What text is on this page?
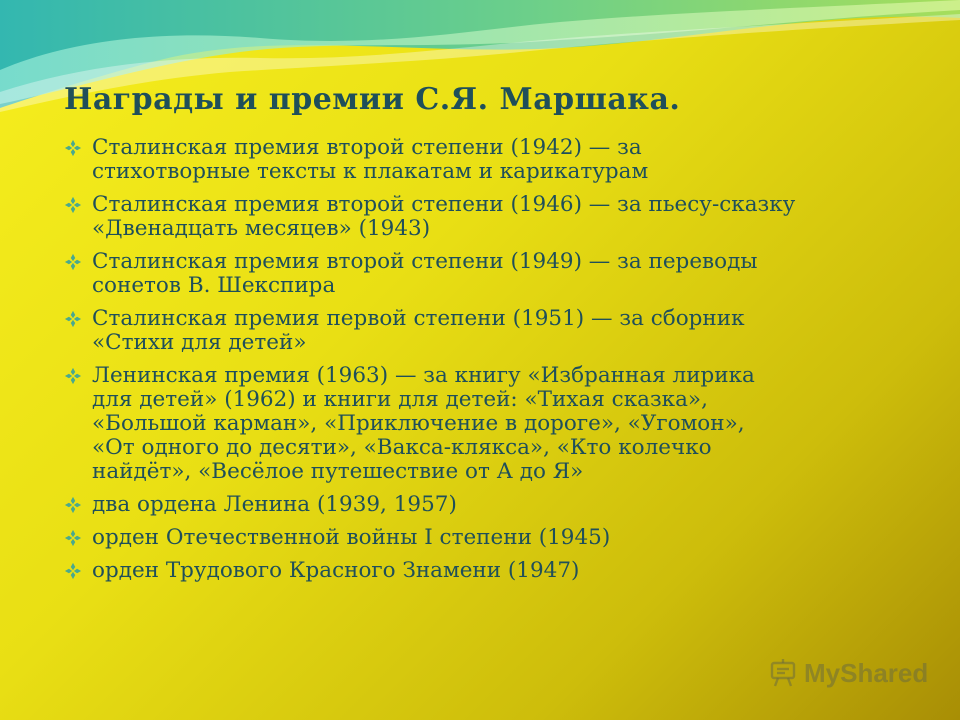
Награды и премии С.Я. Маршака.
Сталинская премия второй степени (1942) — за
стихотворные тексты к плакатам и карикатурам
Сталинская премия второй степени (1946) — за пьесу-сказку
«Двенадцать месяцев» (1943)
Сталинская премия второй степени (1949) — за переводы
сонетов В. Шекспира
Сталинская премия первой степени (1951) — за сборник
«Стихи для детей»
Ленинская премия (1963) — за книгу «Избранная лирика
для детей» (1962) и книги для детей: «Тихая сказка»,
«Большой карман», «Приключение в дороге», «Угомон»,
«От одного до десяти», «Вакса-клякса», «Кто колечко
найдёт», «Весёлое путешествие от А до Я»
два ордена Ленина (1939, 1957)
орден Отечественной войны I степени (1945)
орден Трудового Красного Знамени (1947)
MyShared
